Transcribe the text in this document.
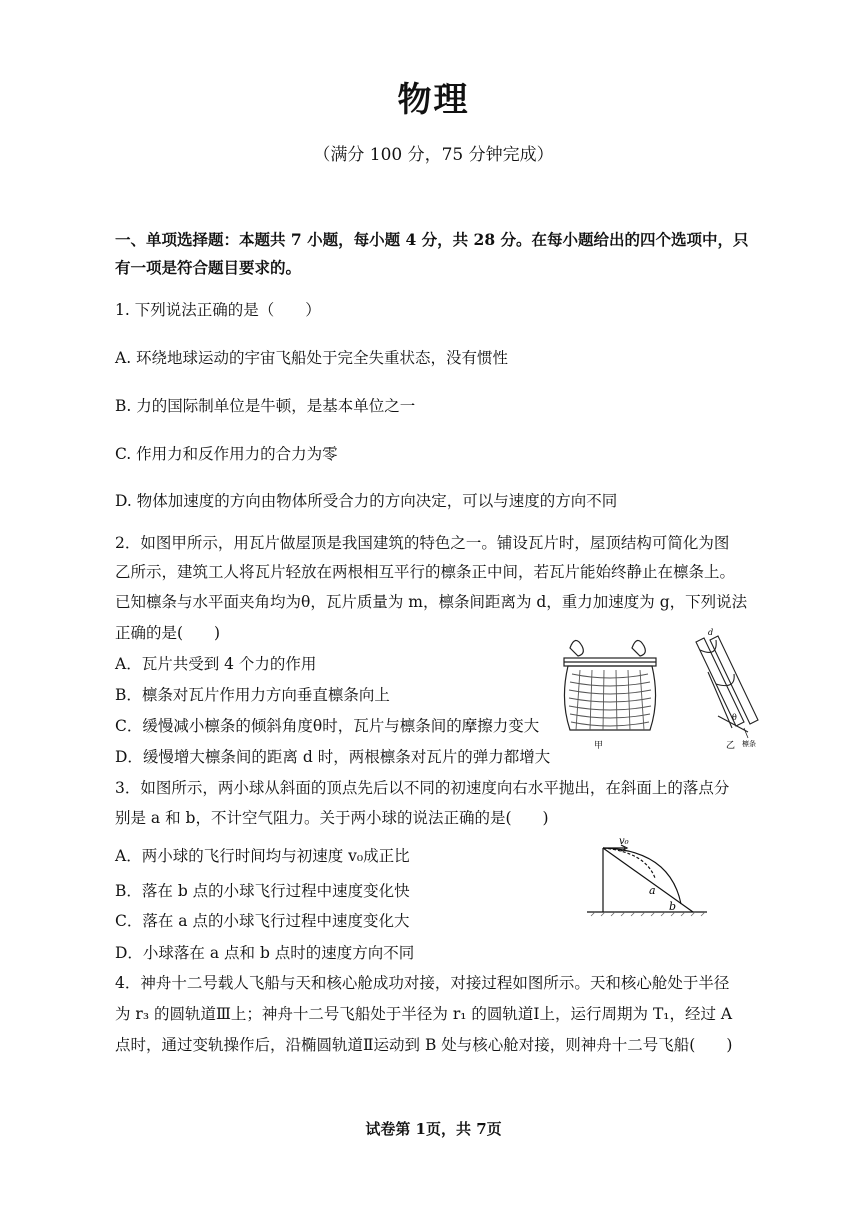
物理
（满分 100 分，75 分钟完成）
一、单项选择题：本题共 7 小题，每小题 4 分，共 28 分。在每小题给出的四个选项中，只
有一项是符合题目要求的。
1. 下列说法正确的是（　　）
A. 环绕地球运动的宇宙飞船处于完全失重状态，没有惯性
B. 力的国际制单位是牛顿，是基本单位之一
C. 作用力和反作用力的合力为零
D. 物体加速度的方向由物体所受合力的方向决定，可以与速度的方向不同
2．如图甲所示，用瓦片做屋顶是我国建筑的特色之一。铺设瓦片时，屋顶结构可简化为图
乙所示，建筑工人将瓦片轻放在两根相互平行的檩条正中间，若瓦片能始终静止在檩条上。
已知檩条与水平面夹角均为θ，瓦片质量为 m，檩条间距离为 d，重力加速度为 g，下列说法
正确的是(　　)
A．瓦片共受到 4 个力的作用
B．檩条对瓦片作用力方向垂直檩条向上
C．缓慢减小檩条的倾斜角度θ时，瓦片与檩条间的摩擦力变大
D．缓慢增大檩条间的距离 d 时，两根檩条对瓦片的弹力都增大
甲
d
θ
檩条
乙
3．如图所示，两小球从斜面的顶点先后以不同的初速度向右水平抛出，在斜面上的落点分
别是 a 和 b，不计空气阻力。关于两小球的说法正确的是(　　)
A．两小球的飞行时间均与初速度 v₀成正比
B．落在 b 点的小球飞行过程中速度变化快
C．落在 a 点的小球飞行过程中速度变化大
D．小球落在 a 点和 b 点时的速度方向不同
v₀
a
b
4．神舟十二号载人飞船与天和核心舱成功对接，对接过程如图所示。天和核心舱处于半径
为 r₃ 的圆轨道Ⅲ上；神舟十二号飞船处于半径为 r₁ 的圆轨道Ⅰ上，运行周期为 T₁，经过 A
点时，通过变轨操作后，沿椭圆轨道Ⅱ运动到 B 处与核心舱对接，则神舟十二号飞船(　　)
试卷第 1页，共 7页
